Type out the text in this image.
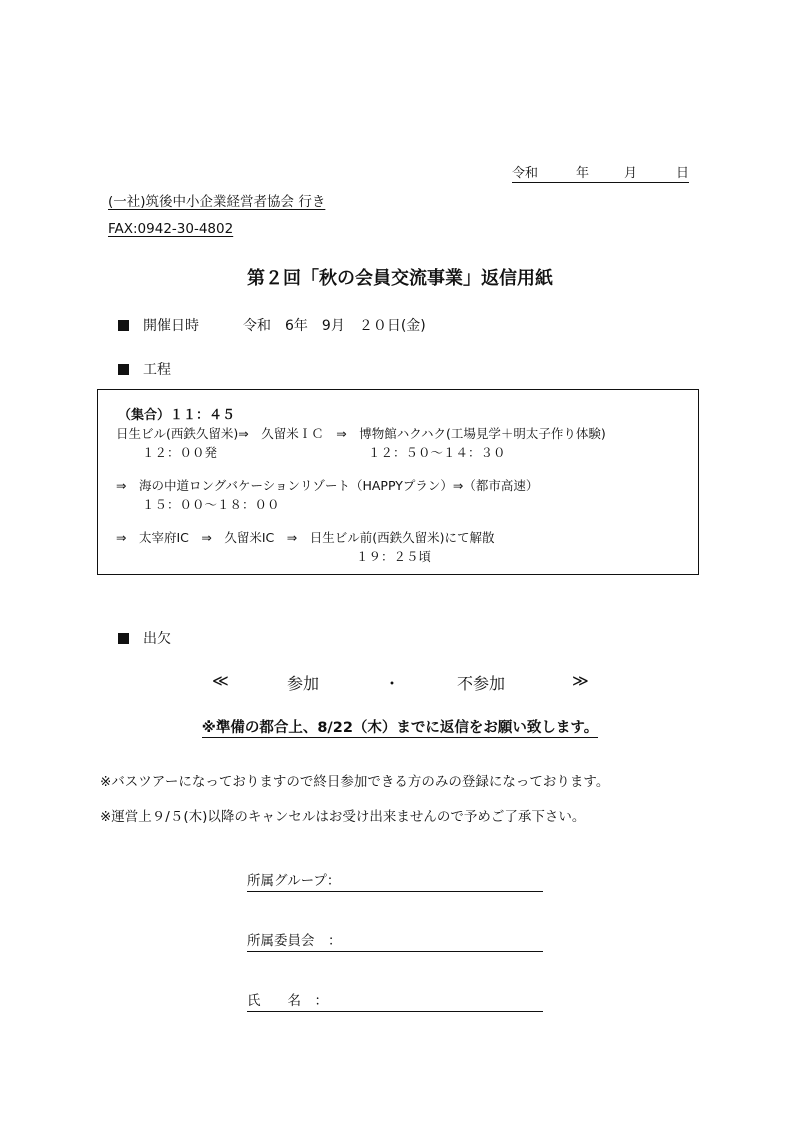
令和	年	月	日
(一社)筑後中小企業経営者協会 行き
FAX:0942-30-4802
第２回「秋の会員交流事業」返信用紙
開催日時	令和　6年　9月　２０日(金)
工程
（集合）１１：４５
日生ビル(西鉄久留米)⇒　久留米ＩＣ　⇒　博物館ハクハク(工場見学＋明太子作り体験)
１２：００発	１２：５０～１４：３０
⇒　海の中道ロングバケーションリゾート（HAPPYプラン）⇒（都市高速）
１５：００～１８：００
⇒　太宰府IC　⇒　久留米IC　⇒　日生ビル前(西鉄久留米)にて解散
１９：２５頃
出欠
≪	参加	・	不参加	≫
※準備の都合上、8/22（木）までに返信をお願い致します。
※バスツアーになっておりますので終日参加できる方のみの登録になっております。
※運営上９/５(木)以降のキャンセルはお受け出来ませんので予めご了承下さい。
所属グループ：
所属委員会　：
氏　　名　：
